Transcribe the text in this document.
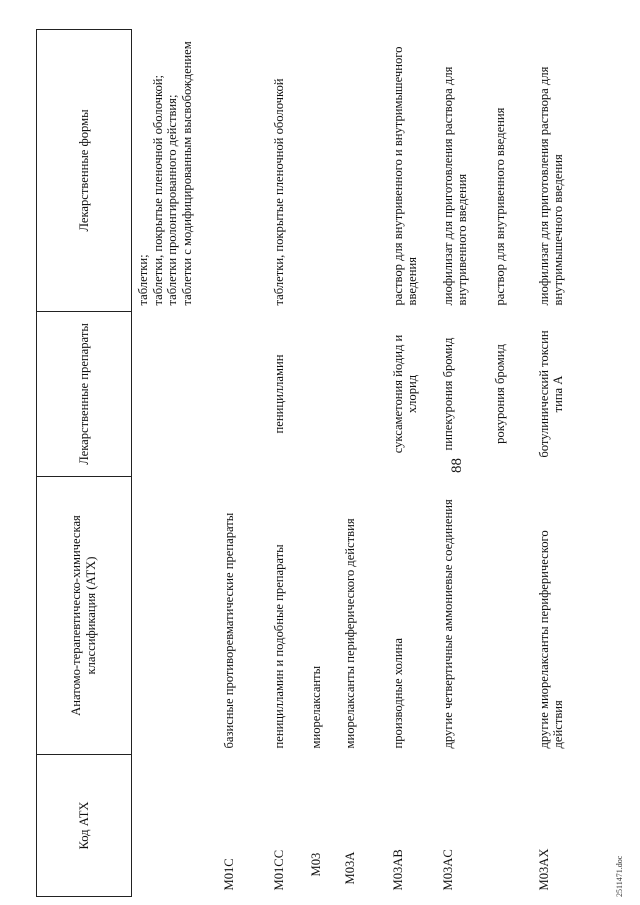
88
Код АТХ	Анатомо-терапевтическо-химическая классификация (АТХ)	Лекарственные препараты	Лекарственные формы
			таблетки;
таблетки, покрытые пленочной оболочкой;
таблетки пролонгированного действия;
таблетки с модифицированным высвобождением
M01C	базисные противоревматические препараты		
M01CC	пеницилламин и подобные препараты	пеницилламин	таблетки, покрытые пленочной оболочкой
M03	миорелаксанты		
M03A	миорелаксанты периферического действия		
M03AB	производные холина	суксаметония йодид и хлорид	раствор для внутривенного и внутримышечного введения
M03AC	другие четвертичные аммониевые соединения	пипекурония бромид	лиофилизат для приготовления раствора для внутривенного введения
		рокурония бромид	раствор для внутривенного введения
M03AX	другие миорелаксанты периферического действия	ботулинический токсин типа А	лиофилизат для приготовления раствора для внутримышечного введения
2511471.doc
